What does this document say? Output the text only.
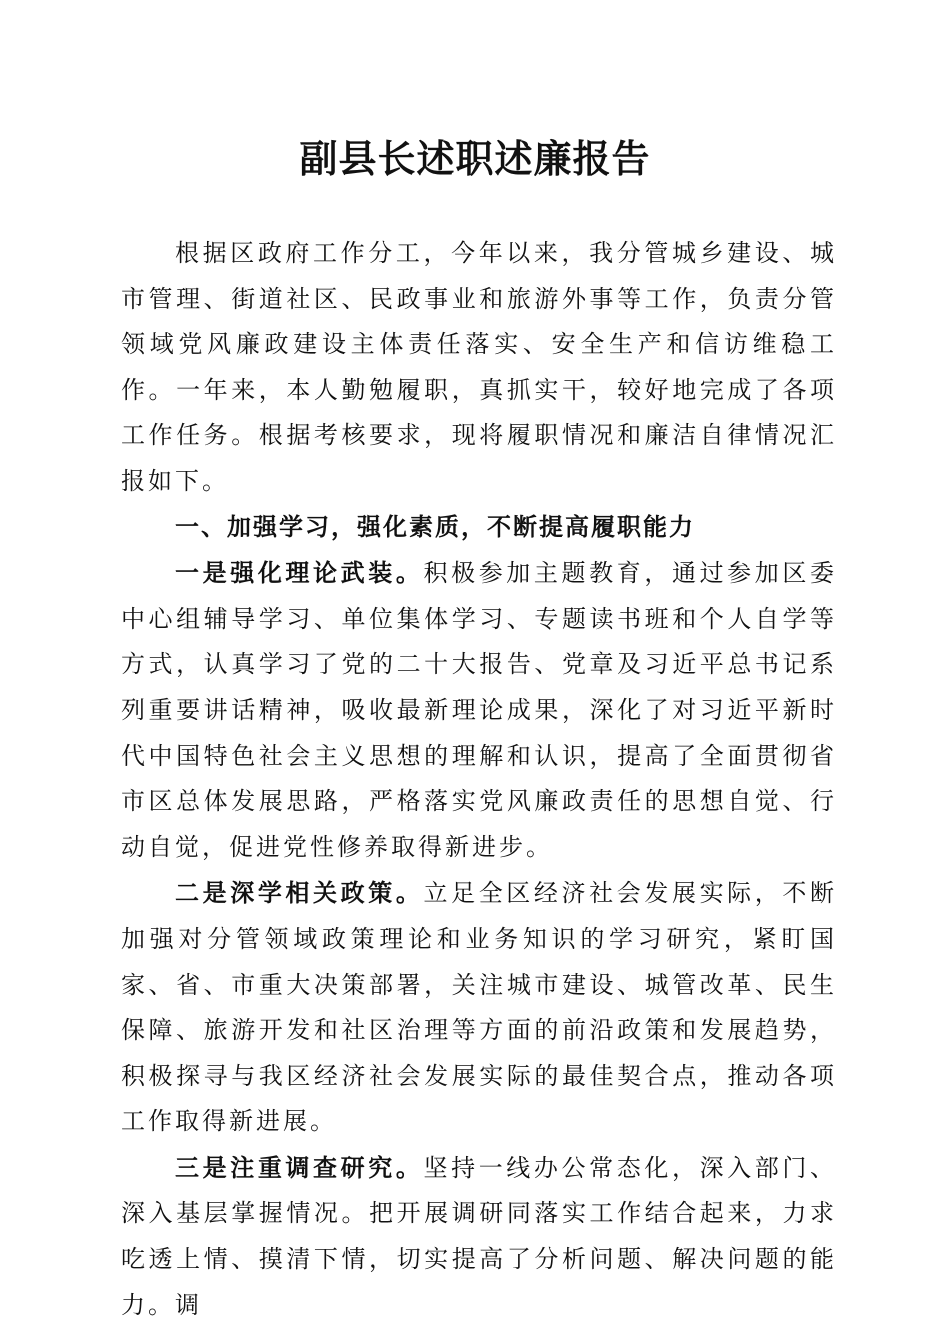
副县长述职述廉报告

根据区政府工作分工，今年以来，我分管城乡建设、城市管理、街道社区、民政事业和旅游外事等工作，负责分管领域党风廉政建设主体责任落实、安全生产和信访维稳工作。一年来，本人勤勉履职，真抓实干，较好地完成了各项工作任务。根据考核要求，现将履职情况和廉洁自律情况汇报如下。

一、加强学习，强化素质，不断提高履职能力

一是强化理论武装。积极参加主题教育，通过参加区委中心组辅导学习、单位集体学习、专题读书班和个人自学等方式，认真学习了党的二十大报告、党章及习近平总书记系列重要讲话精神，吸收最新理论成果，深化了对习近平新时代中国特色社会主义思想的理解和认识，提高了全面贯彻省市区总体发展思路，严格落实党风廉政责任的思想自觉、行动自觉，促进党性修养取得新进步。

二是深学相关政策。立足全区经济社会发展实际，不断加强对分管领域政策理论和业务知识的学习研究，紧盯国家、省、市重大决策部署，关注城市建设、城管改革、民生保障、旅游开发和社区治理等方面的前沿政策和发展趋势，积极探寻与我区经济社会发展实际的最佳契合点，推动各项工作取得新进展。

三是注重调查研究。坚持一线办公常态化，深入部门、深入基层掌握情况。把开展调研同落实工作结合起来，力求吃透上情、摸清下情，切实提高了分析问题、解决问题的能力。调
